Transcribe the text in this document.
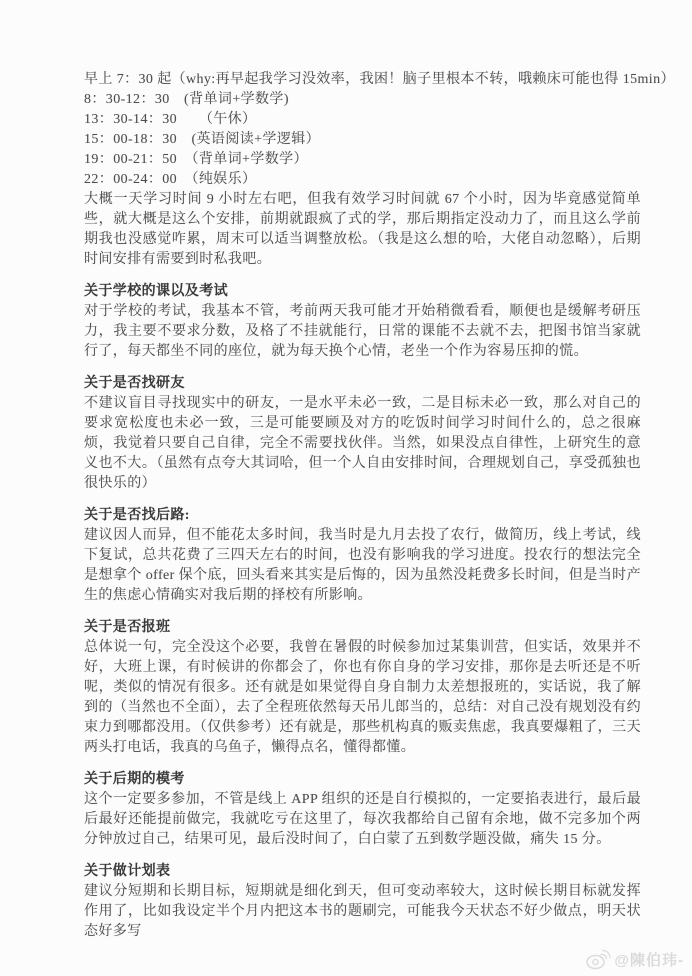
早上 7：30 起（why:再早起我学习没效率，我困！脑子里根本不转，哦赖床可能也得 15min）

8：30-12：30　(背单词+学数学)

13：30-14：30　　（午休）

15：00-18：30　(英语阅读+学逻辑）

19：00-21：50　（背单词+学数学）

22：00-24：00　（纯娱乐）

大概一天学习时间 9 小时左右吧，但我有效学习时间就 67 个小时，因为毕竟感觉简单些，就大概是这么个安排，前期就跟疯了式的学，那后期指定没动力了，而且这么学前期我也没感觉咋累，周末可以适当调整放松。（我是这么想的哈，大佬自动忽略），后期时间安排有需要到时私我吧。

关于学校的课以及考试

对于学校的考试，我基本不管，考前两天我可能才开始稍微看看，顺便也是缓解考研压力，我主要不要求分数，及格了不挂就能行，日常的课能不去就不去，把图书馆当家就行了，每天都坐不同的座位，就为每天换个心情，老坐一个作为容易压抑的慌。

关于是否找研友

不建议盲目寻找现实中的研友，一是水平未必一致，二是目标未必一致，那么对自己的要求宽松度也未必一致，三是可能要顾及对方的吃饭时间学习时间什么的，总之很麻烦，我觉着只要自己自律，完全不需要找伙伴。当然，如果没点自律性，上研究生的意义也不大。（虽然有点夸大其词哈，但一个人自由安排时间，合理规划自己，享受孤独也很快乐的）

关于是否找后路:

建议因人而异，但不能花太多时间，我当时是九月去投了农行，做简历，线上考试，线下复试，总共花费了三四天左右的时间，也没有影响我的学习进度。投农行的想法完全是想拿个 offer 保个底，回头看来其实是后悔的，因为虽然没耗费多长时间，但是当时产生的焦虑心情确实对我后期的择校有所影响。

关于是否报班

总体说一句，完全没这个必要，我曾在暑假的时候参加过某集训营，但实话，效果并不好，大班上课，有时候讲的你都会了，你也有你自身的学习安排，那你是去听还是不听呢，类似的情况有很多。还有就是如果觉得自身自制力太差想报班的，实话说，我了解到的（当然也不全面），去了全程班依然每天吊儿郎当的，总结：对自己没有规划没有约束力到哪都没用。（仅供参考）还有就是，那些机构真的贩卖焦虑，我真要爆粗了，三天两头打电话，我真的乌鱼子，懒得点名，懂得都懂。

关于后期的模考

这个一定要多参加，不管是线上 APP 组织的还是自行模拟的，一定要掐表进行，最后最后最好还能提前做完，我就吃亏在这里了，每次我都给自己留有余地，做不完多加个两分钟放过自己，结果可见，最后没时间了，白白蒙了五到数学题没做，痛失 15 分。

关于做计划表

建议分短期和长期目标，短期就是细化到天，但可变动率较大，这时候长期目标就发挥作用了，比如我设定半个月内把这本书的题刷完，可能我今天状态不好少做点，明天状态好多写

@陳伯玮-
